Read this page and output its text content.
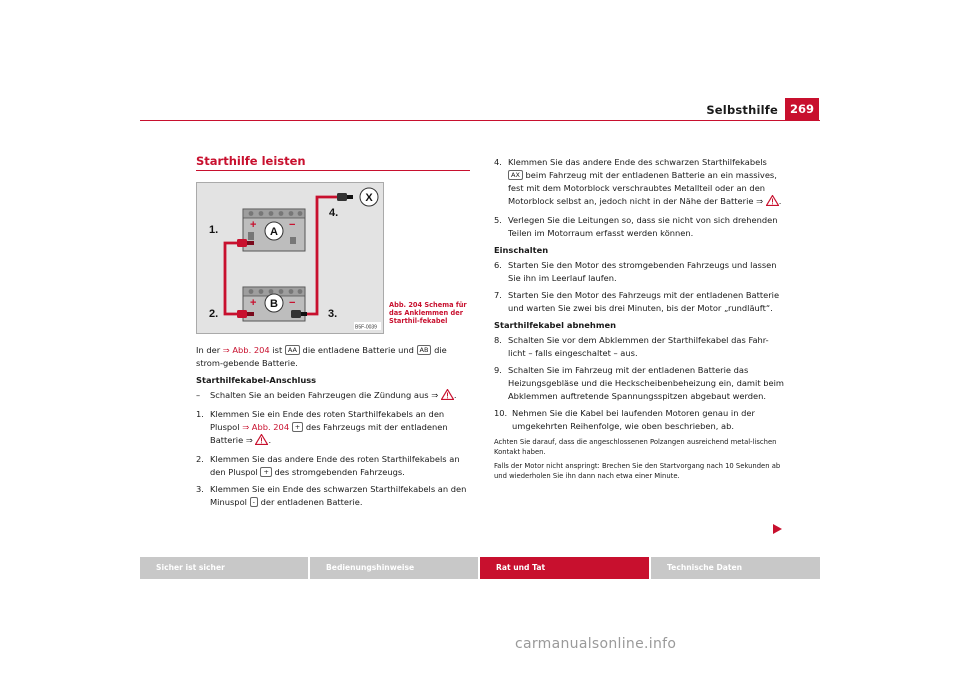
Selbsthilfe	269
Starthilfe leisten
+	−
A
+	−
B
X
1.
2.	3.
4.
B5F-0039
Abb. 204 Schema für das Anklemmen der Starthil-fekabel

In der ⇒ Abb. 204 ist AA die entladene Batterie und AB die strom-gebende Batterie.

Starthilfekabel-Anschluss

– Schalten Sie an beiden Fahrzeugen die Zündung aus ⇒ .
1. Klemmen Sie ein Ende des roten Starthilfekabels an den Pluspol ⇒ Abb. 204 + des Fahrzeugs mit der entladenen Batterie ⇒ .
2. Klemmen Sie das andere Ende des roten Starthilfekabels an den Pluspol + des stromgebenden Fahrzeugs.
3. Klemmen Sie ein Ende des schwarzen Starthilfekabels an den Minuspol - der entladenen Batterie.
4. Klemmen Sie das andere Ende des schwarzen Starthilfekabels AX beim Fahrzeug mit der entladenen Batterie an ein massives, fest mit dem Motorblock verschraubtes Metallteil oder an den Motorblock selbst an, jedoch nicht in der Nähe der Batterie ⇒ .
5. Verlegen Sie die Leitungen so, dass sie nicht von sich drehenden Teilen im Motorraum erfasst werden können.

Einschalten

6. Starten Sie den Motor des stromgebenden Fahrzeugs und lassen Sie ihn im Leerlauf laufen.
7. Starten Sie den Motor des Fahrzeugs mit der entladenen Batterie und warten Sie zwei bis drei Minuten, bis der Motor „rundläuft“.

Starthilfekabel abnehmen

8. Schalten Sie vor dem Abklemmen der Starthilfekabel das Fahr-licht – falls eingeschaltet – aus.
9. Schalten Sie im Fahrzeug mit der entladenen Batterie das Heizungsgebläse und die Heckscheibenbeheizung ein, damit beim Abklemmen auftretende Spannungsspitzen abgebaut werden.
10. Nehmen Sie die Kabel bei laufenden Motoren genau in der umgekehrten Reihenfolge, wie oben beschrieben, ab.
Achten Sie darauf, dass die angeschlossenen Polzangen ausreichend metal-lischen Kontakt haben.
Falls der Motor nicht anspringt: Brechen Sie den Startvorgang nach 10 Sekunden ab und wiederholen Sie ihn dann nach etwa einer Minute.
Sicher ist sicher	Bedienungshinweise	Rat und Tat	Technische Daten
carmanualsonline.info
